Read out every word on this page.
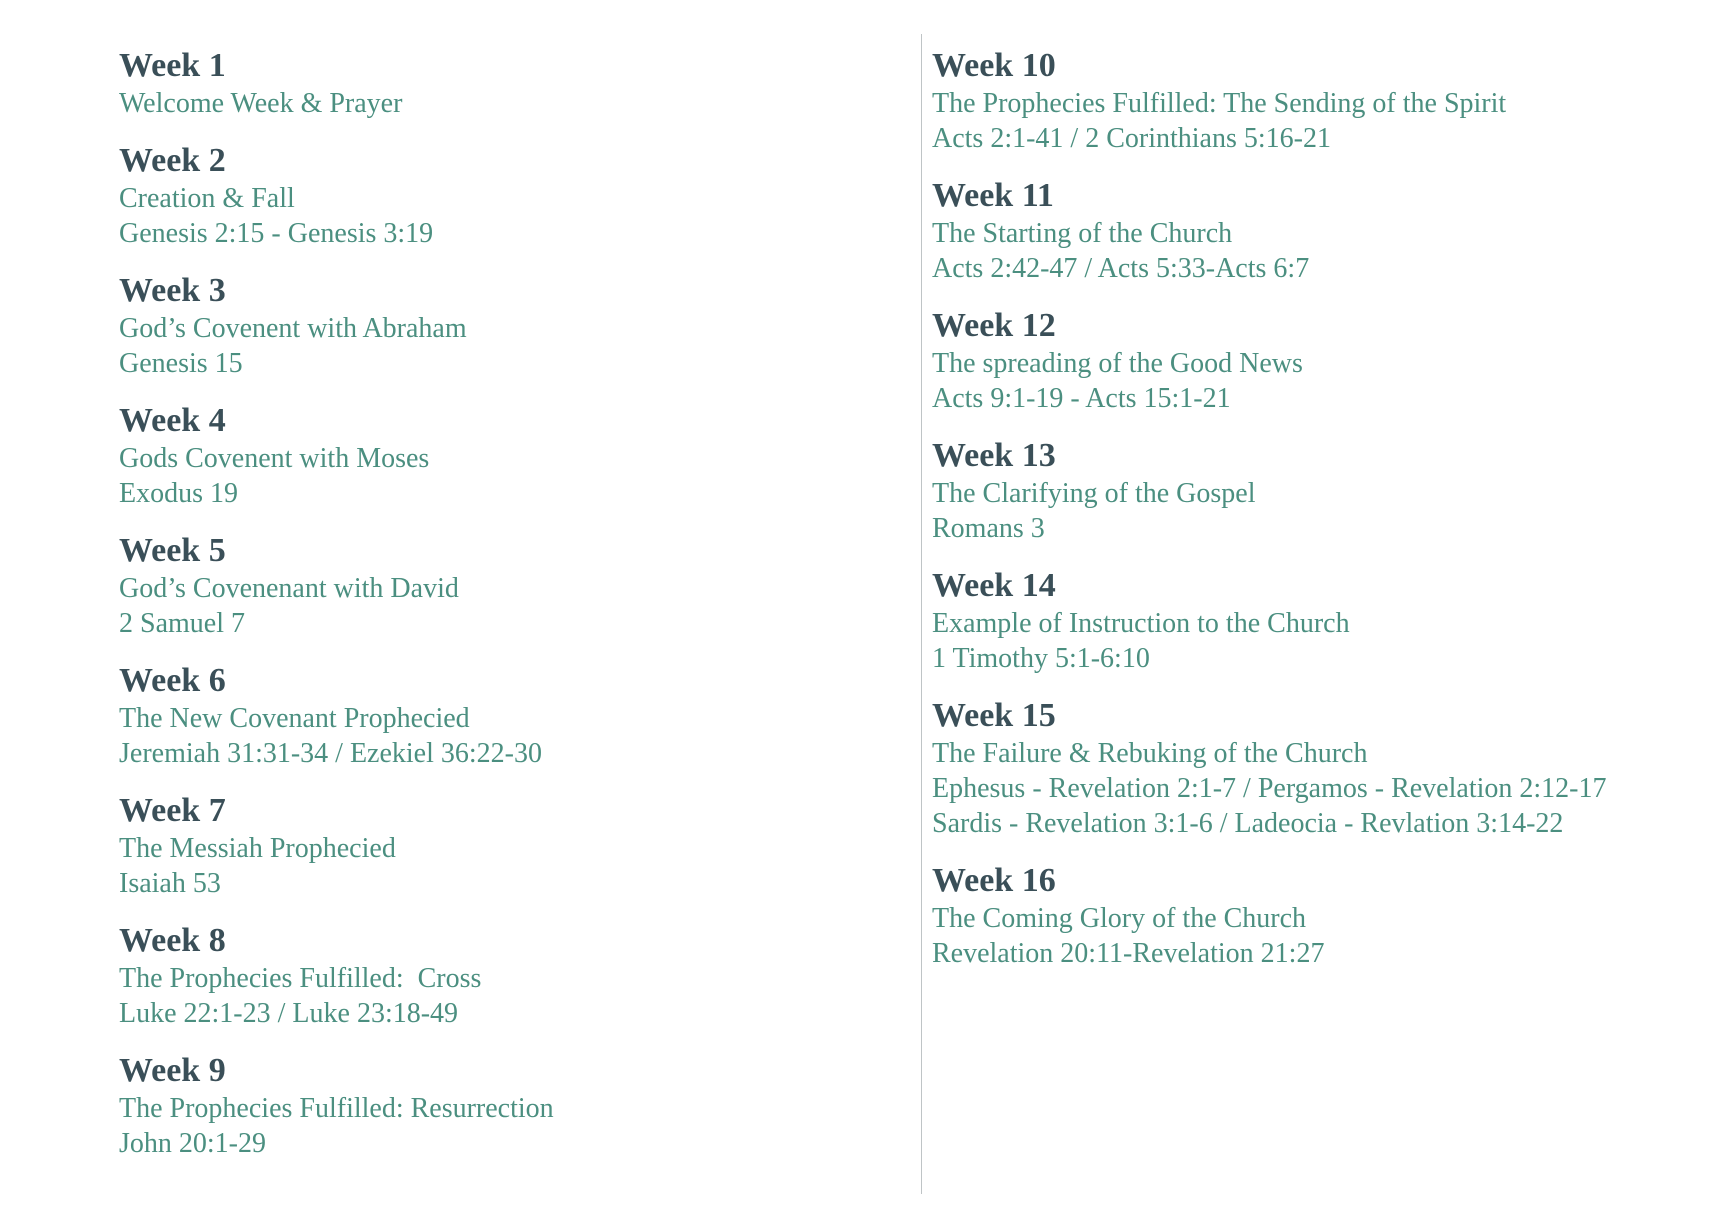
Week 1
Welcome Week & Prayer
Week 2
Creation & Fall
Genesis 2:15 - Genesis 3:19
Week 3
God’s Covenent with Abraham
Genesis 15
Week 4
Gods Covenent with Moses
Exodus 19
Week 5
God’s Covenenant with David
2 Samuel 7
Week 6
The New Covenant Prophecied
Jeremiah 31:31-34 / Ezekiel 36:22-30
Week 7
The Messiah Prophecied
Isaiah 53
Week 8
The Prophecies Fulfilled:  Cross
Luke 22:1-23 / Luke 23:18-49
Week 9
The Prophecies Fulfilled: Resurrection
John 20:1-29
Week 10
The Prophecies Fulfilled: The Sending of the Spirit
Acts 2:1-41 / 2 Corinthians 5:16-21
Week 11
The Starting of the Church
Acts 2:42-47 / Acts 5:33-Acts 6:7
Week 12
The spreading of the Good News
Acts 9:1-19 - Acts 15:1-21
Week 13
The Clarifying of the Gospel
Romans 3
Week 14
Example of Instruction to the Church
1 Timothy 5:1-6:10
Week 15
The Failure & Rebuking of the Church
Ephesus - Revelation 2:1-7 / Pergamos - Revelation 2:12-17
Sardis - Revelation 3:1-6 / Ladeocia - Revlation 3:14-22
Week 16
The Coming Glory of the Church
Revelation 20:11-Revelation 21:27
